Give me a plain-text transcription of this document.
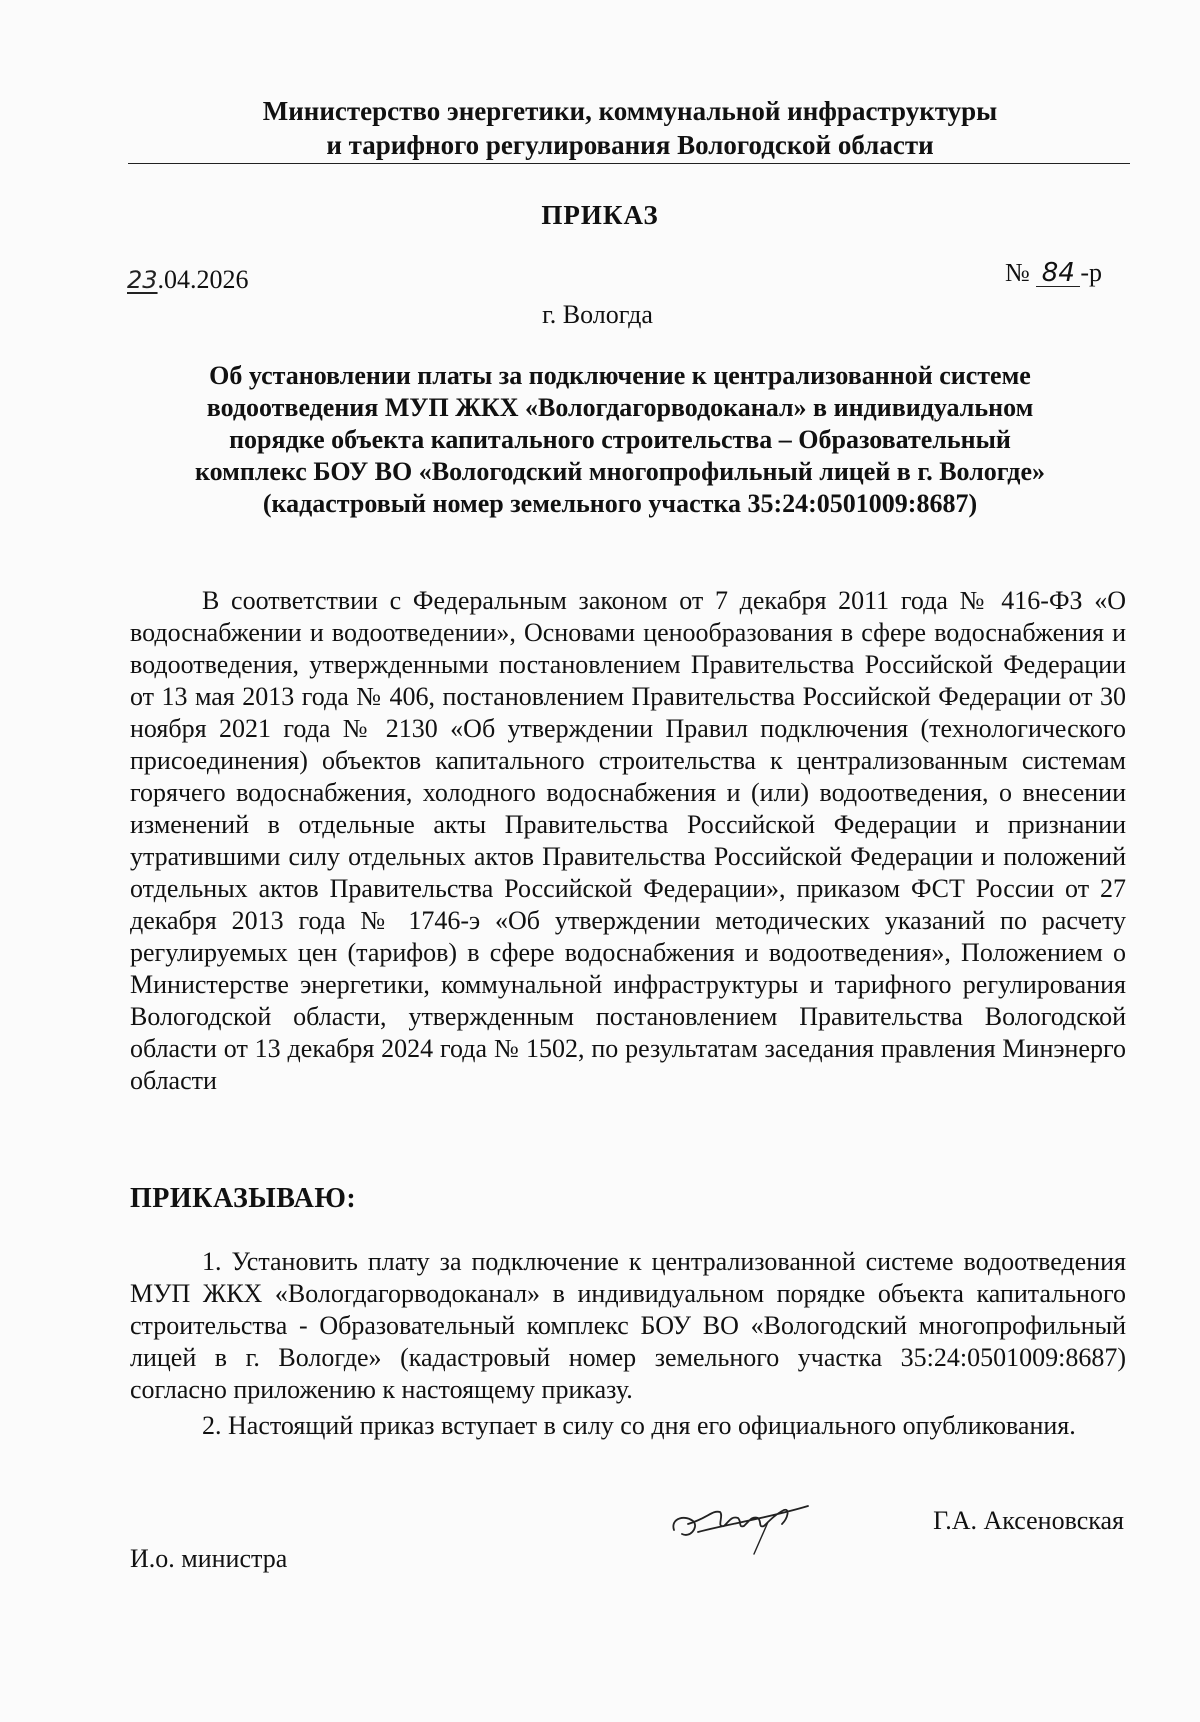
Министерство энергетики, коммунальной инфраструктуры
и тарифного регулирования Вологодской области
ПРИКАЗ
23.04.2026	№ 84 -р
г. Вологда
Об установлении платы за подключение к централизованной системе водоотведения МУП ЖКХ «Вологдагорводоканал» в индивидуальном порядке объекта капитального строительства – Образовательный комплекс БОУ ВО «Вологодский многопрофильный лицей в г. Вологде» (кадастровый номер земельного участка 35:24:0501009:8687)
В соответствии с Федеральным законом от 7 декабря 2011 года № 416-ФЗ «О водоснабжении и водоотведении», Основами ценообразования в сфере водоснабжения и водоотведения, утвержденными постановлением Правительства Российской Федерации от 13 мая 2013 года № 406, постановлением Правительства Российской Федерации от 30 ноября 2021 года № 2130 «Об утверждении Правил подключения (технологического присоединения) объектов капитального строительства к централизованным системам горячего водоснабжения, холодного водоснабжения и (или) водоотведения, о внесении изменений в отдельные акты Правительства Российской Федерации и признании утратившими силу отдельных актов Правительства Российской Федерации и положений отдельных актов Правительства Российской Федерации», приказом ФСТ России от 27 декабря 2013 года № 1746-э «Об утверждении методических указаний по расчету регулируемых цен (тарифов) в сфере водоснабжения и водоотведения», Положением о Министерстве энергетики, коммунальной инфраструктуры и тарифного регулирования Вологодской области, утвержденным постановлением Правительства Вологодской области от 13 декабря 2024 года № 1502, по результатам заседания правления Минэнерго области
ПРИКАЗЫВАЮ:
1. Установить плату за подключение к централизованной системе водоотведения МУП ЖКХ «Вологдагорводоканал» в индивидуальном порядке объекта капитального строительства - Образовательный комплекс БОУ ВО «Вологодский многопрофильный лицей в г. Вологде» (кадастровый номер земельного участка 35:24:0501009:8687) согласно приложению к настоящему приказу.
2. Настоящий приказ вступает в силу со дня его официального опубликования.
И.о. министра
Г.А. Аксеновская
